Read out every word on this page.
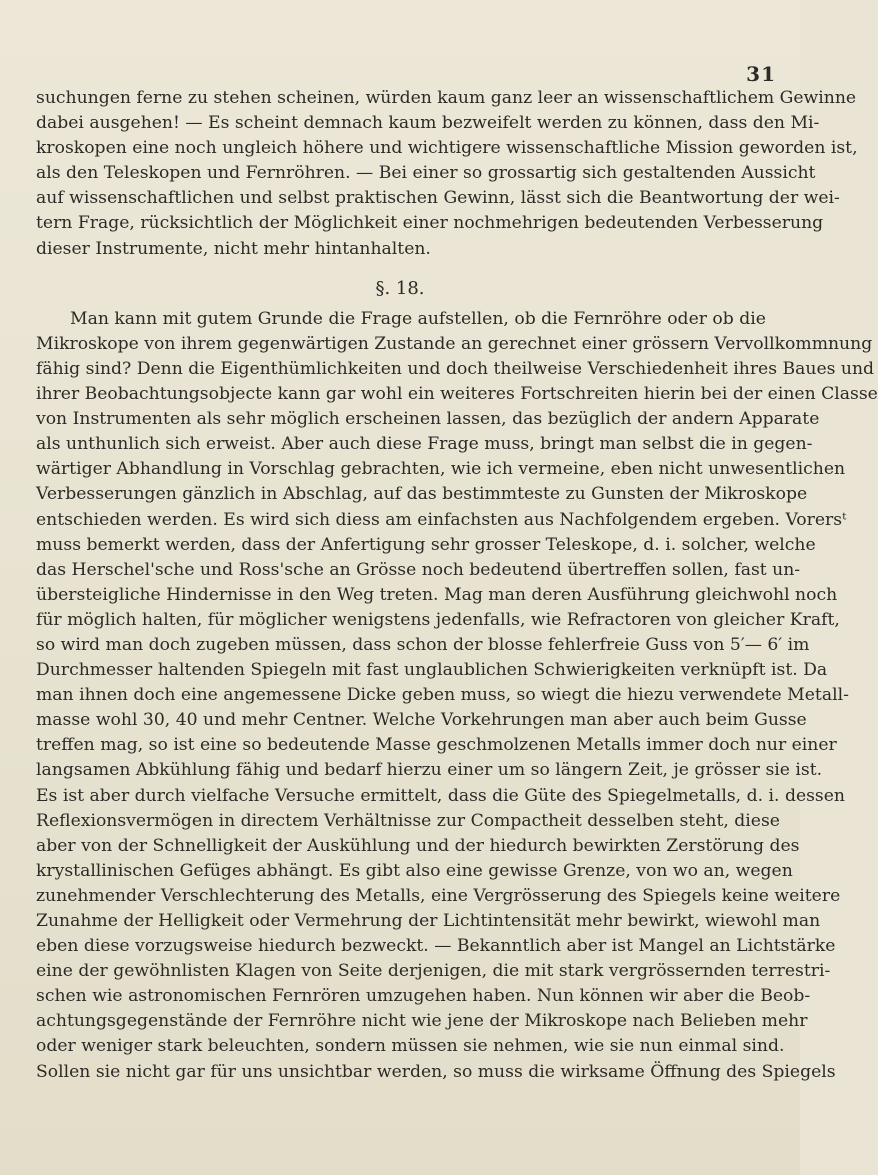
31

suchungen ferne zu stehen scheinen, würden kaum ganz leer an wissenschaftlichem Gewinne
dabei ausgehen! — Es scheint demnach kaum bezweifelt werden zu können, dass den Mi-
kroskopen eine noch ungleich höhere und wichtigere wissenschaftliche Mission geworden ist,
als den Teleskopen und Fernröhren. — Bei einer so grossartig sich gestaltenden Aussicht
auf wissenschaftlichen und selbst praktischen Gewinn, lässt sich die Beantwortung der wei-
tern Frage, rücksichtlich der Möglichkeit einer nochmehrigen bedeutenden Verbesserung
dieser Instrumente, nicht mehr hintanhalten.

§. 18.

Man kann mit gutem Grunde die Frage aufstellen, ob die Fernröhre oder ob die
Mikroskope von ihrem gegenwärtigen Zustande an gerechnet einer grössern Vervollkommnung
fähig sind? Denn die Eigenthümlichkeiten und doch theilweise Verschiedenheit ihres Baues und
ihrer Beobachtungsobjecte kann gar wohl ein weiteres Fortschreiten hierin bei der einen Classe
von Instrumenten als sehr möglich erscheinen lassen, das bezüglich der andern Apparate
als unthunlich sich erweist. Aber auch diese Frage muss, bringt man selbst die in gegen-
wärtiger Abhandlung in Vorschlag gebrachten, wie ich vermeine, eben nicht unwesentlichen
Verbesserungen gänzlich in Abschlag, auf das bestimmteste zu Gunsten der Mikroskope
entschieden werden. Es wird sich diess am einfachsten aus Nachfolgendem ergeben. Vorersᵗ
muss bemerkt werden, dass der Anfertigung sehr grosser Teleskope, d. i. solcher, welche
das Herschel'sche und Ross'sche an Grösse noch bedeutend übertreffen sollen, fast un-
übersteigliche Hindernisse in den Weg treten. Mag man deren Ausführung gleichwohl noch
für möglich halten, für möglicher wenigstens jedenfalls, wie Refractoren von gleicher Kraft,
so wird man doch zugeben müssen, dass schon der blosse fehlerfreie Guss von 5′— 6′ im
Durchmesser haltenden Spiegeln mit fast unglaublichen Schwierigkeiten verknüpft ist. Da
man ihnen doch eine angemessene Dicke geben muss, so wiegt die hiezu verwendete Metall-
masse wohl 30, 40 und mehr Centner. Welche Vorkehrungen man aber auch beim Gusse
treffen mag, so ist eine so bedeutende Masse geschmolzenen Metalls immer doch nur einer
langsamen Abkühlung fähig und bedarf hierzu einer um so längern Zeit, je grösser sie ist.
Es ist aber durch vielfache Versuche ermittelt, dass die Güte des Spiegelmetalls, d. i. dessen
Reflexionsvermögen in directem Verhältnisse zur Compactheit desselben steht, diese
aber von der Schnelligkeit der Auskühlung und der hiedurch bewirkten Zerstörung des
krystallinischen Gefüges abhängt. Es gibt also eine gewisse Grenze, von wo an, wegen
zunehmender Verschlechterung des Metalls, eine Vergrösserung des Spiegels keine weitere
Zunahme der Helligkeit oder Vermehrung der Lichtintensität mehr bewirkt, wiewohl man
eben diese vorzugsweise hiedurch bezweckt. — Bekanntlich aber ist Mangel an Lichtstärke
eine der gewöhnlisten Klagen von Seite derjenigen, die mit stark vergrössernden terrestri-
schen wie astronomischen Fernrören umzugehen haben. Nun können wir aber die Beob-
achtungsgegenstände der Fernröhre nicht wie jene der Mikroskope nach Belieben mehr
oder weniger stark beleuchten, sondern müssen sie nehmen, wie sie nun einmal sind.
Sollen sie nicht gar für uns unsichtbar werden, so muss die wirksame Öffnung des Spiegels
